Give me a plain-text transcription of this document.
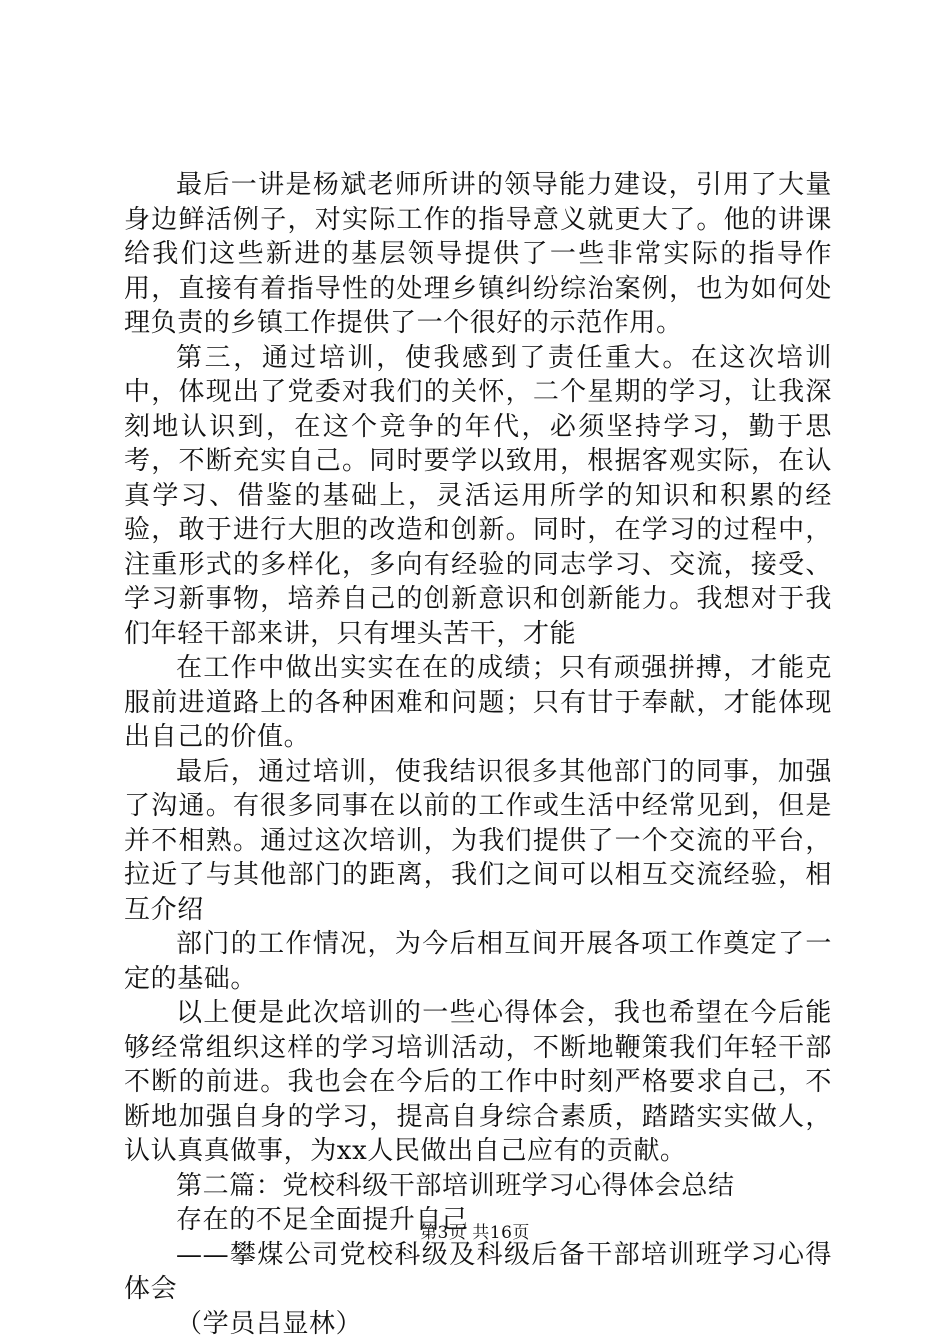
最后一讲是杨斌老师所讲的领导能力建设，引用了大量身边鲜活例子，对实际工作的指导意义就更大了。他的讲课给我们这些新进的基层领导提供了一些非常实际的指导作用，直接有着指导性的处理乡镇纠纷综治案例，也为如何处理负责的乡镇工作提供了一个很好的示范作用。

第三，通过培训，使我感到了责任重大。在这次培训中，体现出了党委对我们的关怀，二个星期的学习，让我深刻地认识到，在这个竞争的年代，必须坚持学习，勤于思考，不断充实自己。同时要学以致用，根据客观实际，在认真学习、借鉴的基础上，灵活运用所学的知识和积累的经验，敢于进行大胆的改造和创新。同时，在学习的过程中，注重形式的多样化，多向有经验的同志学习、交流，接受、学习新事物，培养自己的创新意识和创新能力。我想对于我们年轻干部来讲，只有埋头苦干，才能

在工作中做出实实在在的成绩；只有顽强拼搏，才能克服前进道路上的各种困难和问题；只有甘于奉献，才能体现出自己的价值。

最后，通过培训，使我结识很多其他部门的同事，加强了沟通。有很多同事在以前的工作或生活中经常见到，但是并不相熟。通过这次培训，为我们提供了一个交流的平台，拉近了与其他部门的距离，我们之间可以相互交流经验，相互介绍

部门的工作情况，为今后相互间开展各项工作奠定了一定的基础。

以上便是此次培训的一些心得体会，我也希望在今后能够经常组织这样的学习培训活动，不断地鞭策我们年轻干部不断的前进。我也会在今后的工作中时刻严格要求自己，不断地加强自身的学习，提高自身综合素质，踏踏实实做人，认认真真做事，为xx人民做出自己应有的贡献。

第二篇：党校科级干部培训班学习心得体会总结

存在的不足全面提升自己

——攀煤公司党校科级及科级后备干部培训班学习心得体会

（学员吕显林）

第3页 共16页
